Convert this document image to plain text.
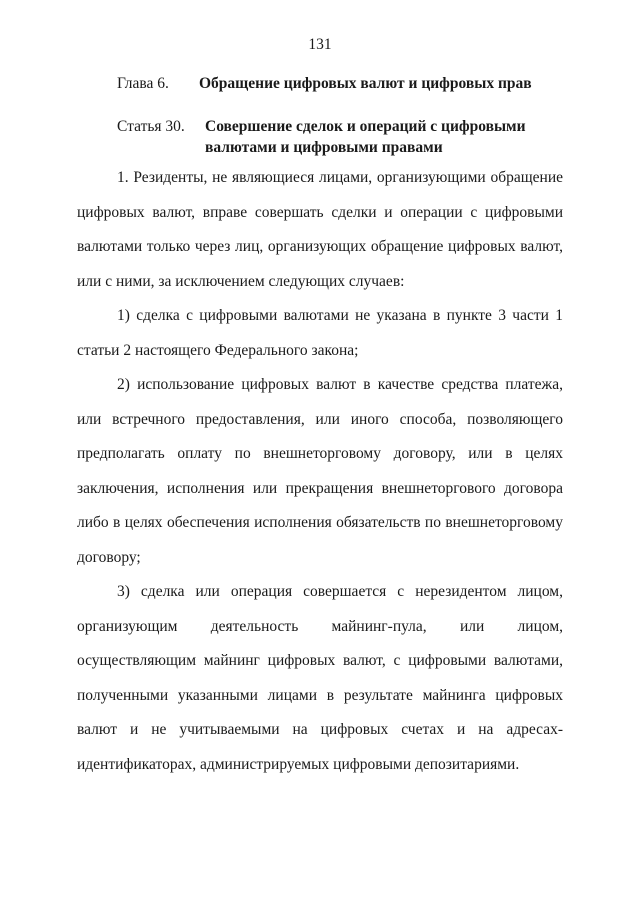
131
Глава 6.	Обращение цифровых валют и цифровых прав
Статья 30.	Совершение сделок и операций с цифровыми валютами и цифровыми правами

1. Резиденты, не являющиеся лицами, организующими обращение цифровых валют, вправе совершать сделки и операции с цифровыми валютами только через лиц, организующих обращение цифровых валют, или с ними, за исключением следующих случаев:

1) сделка с цифровыми валютами не указана в пункте 3 части 1 статьи 2 настоящего Федерального закона;

2) использование цифровых валют в качестве средства платежа, или встречного предоставления, или иного способа, позволяющего предполагать оплату по внешнеторговому договору, или в целях заключения, исполнения или прекращения внешнеторгового договора либо в целях обеспечения исполнения обязательств по внешнеторговому договору;

3) сделка или операция совершается с нерезидентом лицом, организующим деятельность майнинг-пула, или лицом, осуществляющим майнинг цифровых валют, с цифровыми валютами, полученными указанными лицами в результате майнинга цифровых валют и не учитываемыми на цифровых счетах и на адресах-идентификаторах, администрируемых цифровыми депозитариями.
